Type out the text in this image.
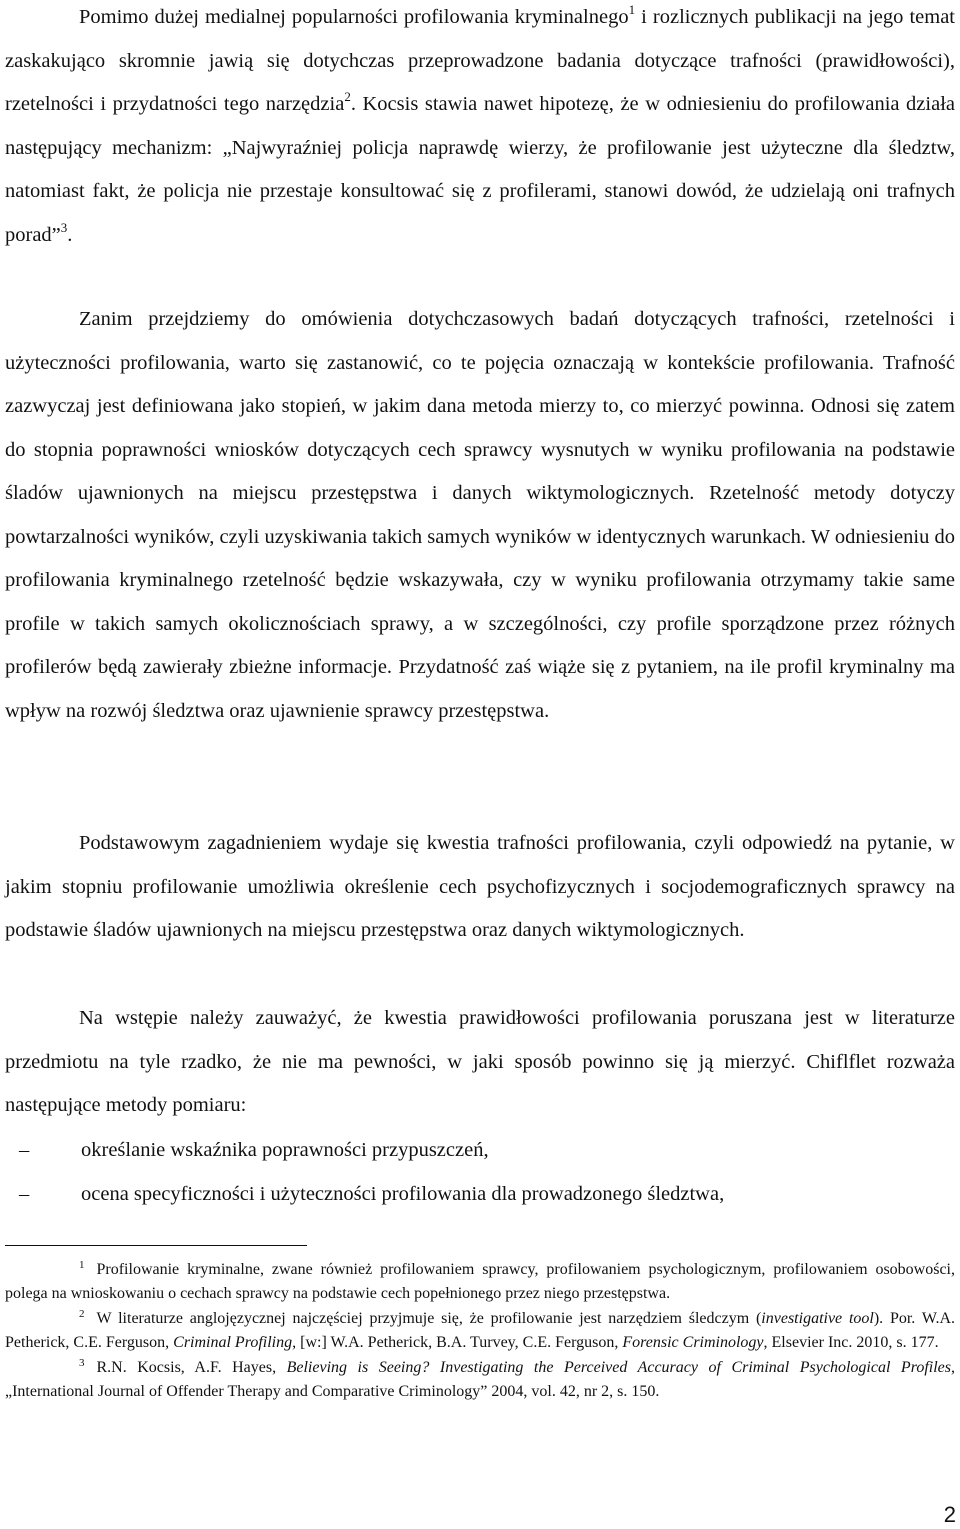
Pomimo dużej medialnej popularności profilowania kryminalnego$^1$ i rozlicznych publikacji na jego temat zaskakująco skromnie jawią się dotychczas przeprowadzone badania dotyczące trafności (prawidłowości), rzetelności i przydatności tego narzędzia$^2$. Kocsis stawia nawet hipotezę, że w odniesieniu do profilowania działa następujący mechanizm: „Najwyraźniej policja naprawdę wierzy, że profilowanie jest użyteczne dla śledztw, natomiast fakt, że policja nie przestaje konsultować się z profilerami, stanowi dowód, że udzielają oni trafnych porad”$^3$.

Zanim przejdziemy do omówienia dotychczasowych badań dotyczących trafności, rzetelności i użyteczności profilowania, warto się zastanowić, co te pojęcia oznaczają w kontekście profilowania. Trafność zazwyczaj jest definiowana jako stopień, w jakim dana metoda mierzy to, co mierzyć powinna. Odnosi się zatem do stopnia poprawności wniosków dotyczących cech sprawcy wysnutych w wyniku profilowania na podstawie śladów ujawnionych na miejscu przestępstwa i danych wiktymologicznych. Rzetelność metody dotyczy powtarzalności wyników, czyli uzyskiwania takich samych wyników w identycznych warunkach. W odniesieniu do profilowania kryminalnego rzetelność będzie wskazywała, czy w wyniku profilowania otrzymamy takie same profile w takich samych okolicznościach sprawy, a w szczególności, czy profile sporządzone przez różnych profilerów będą zawierały zbieżne informacje. Przydatność zaś wiąże się z pytaniem, na ile profil kryminalny ma wpływ na rozwój śledztwa oraz ujawnienie sprawcy przestępstwa.

Podstawowym zagadnieniem wydaje się kwestia trafności profilowania, czyli odpowiedź na pytanie, w jakim stopniu profilowanie umożliwia określenie cech psychofizycznych i socjodemograficznych sprawcy na podstawie śladów ujawnionych na miejscu przestępstwa oraz danych wiktymologicznych.

Na wstępie należy zauważyć, że kwestia prawidłowości profilowania poruszana jest w literaturze przedmiotu na tyle rzadko, że nie ma pewności, w jaki sposób powinno się ją mierzyć. Chiflflet rozważa następujące metody pomiaru:

–	określanie wskaźnika poprawności przypuszczeń,
–	ocena specyficzności i użyteczności profilowania dla prowadzonego śledztwa,

$^1$ Profilowanie kryminalne, zwane również profilowaniem sprawcy, profilowaniem psychologicznym, profilowaniem osobowości, polega na wnioskowaniu o cechach sprawcy na podstawie cech popełnionego przez niego przestępstwa.

$^2$ W literaturze anglojęzycznej najczęściej przyjmuje się, że profilowanie jest narzędziem śledczym (investigative tool). Por. W.A. Petherick, C.E. Ferguson, Criminal Profiling, [w:] W.A. Petherick, B.A. Turvey, C.E. Ferguson, Forensic Criminology, Elsevier Inc. 2010, s. 177.

$^3$ R.N. Kocsis, A.F. Hayes, Believing is Seeing? Investigating the Perceived Accuracy of Criminal Psychological Profiles, „International Journal of Offender Therapy and Comparative Criminology” 2004, vol. 42, nr 2, s. 150.

2
